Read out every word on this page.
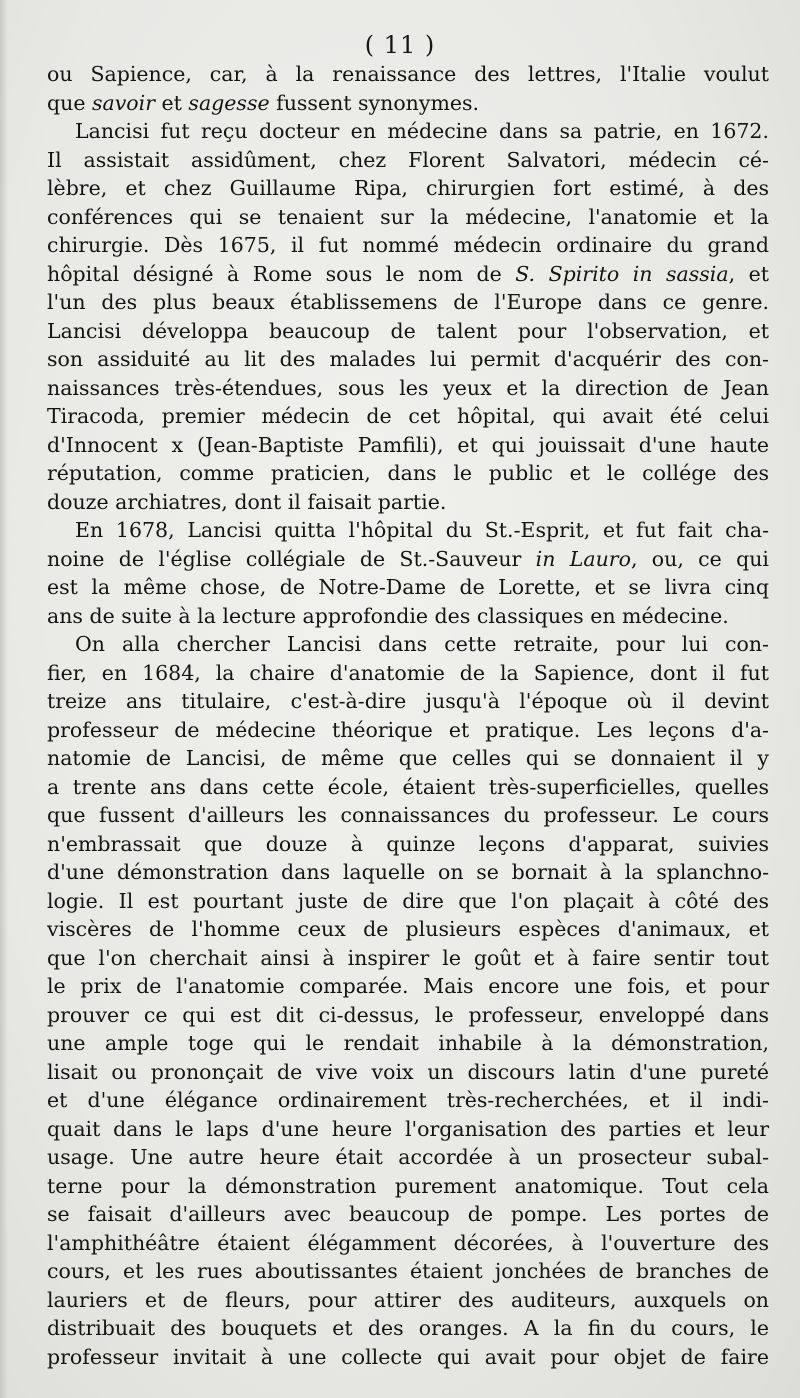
( 11 )
ou Sapience, car, à la renaissance des lettres, l'Italie voulut
que savoir et sagesse fussent synonymes.
Lancisi fut reçu docteur en médecine dans sa patrie, en 1672.
Il assistait assidûment, chez Florent Salvatori, médecin cé-
lèbre, et chez Guillaume Ripa, chirurgien fort estimé, à des
conférences qui se tenaient sur la médecine, l'anatomie et la
chirurgie. Dès 1675, il fut nommé médecin ordinaire du grand
hôpital désigné à Rome sous le nom de S. Spirito in sassia, et
l'un des plus beaux établissemens de l'Europe dans ce genre.
Lancisi développa beaucoup de talent pour l'observation, et
son assiduité au lit des malades lui permit d'acquérir des con-
naissances très-étendues, sous les yeux et la direction de Jean
Tiracoda, premier médecin de cet hôpital, qui avait été celui
d'Innocent x (Jean-Baptiste Pamfili), et qui jouissait d'une haute
réputation, comme praticien, dans le public et le collége des
douze archiatres, dont il faisait partie.
En 1678, Lancisi quitta l'hôpital du St.-Esprit, et fut fait cha-
noine de l'église collégiale de St.-Sauveur in Lauro, ou, ce qui
est la même chose, de Notre-Dame de Lorette, et se livra cinq
ans de suite à la lecture approfondie des classiques en médecine.
On alla chercher Lancisi dans cette retraite, pour lui con-
fier, en 1684, la chaire d'anatomie de la Sapience, dont il fut
treize ans titulaire, c'est-à-dire jusqu'à l'époque où il devint
professeur de médecine théorique et pratique. Les leçons d'a-
natomie de Lancisi, de même que celles qui se donnaient il y
a trente ans dans cette école, étaient très-superficielles, quelles
que fussent d'ailleurs les connaissances du professeur. Le cours
n'embrassait que douze à quinze leçons d'apparat, suivies
d'une démonstration dans laquelle on se bornait à la splanchno-
logie. Il est pourtant juste de dire que l'on plaçait à côté des
viscères de l'homme ceux de plusieurs espèces d'animaux, et
que l'on cherchait ainsi à inspirer le goût et à faire sentir tout
le prix de l'anatomie comparée. Mais encore une fois, et pour
prouver ce qui est dit ci-dessus, le professeur, enveloppé dans
une ample toge qui le rendait inhabile à la démonstration,
lisait ou prononçait de vive voix un discours latin d'une pureté
et d'une élégance ordinairement très-recherchées, et il indi-
quait dans le laps d'une heure l'organisation des parties et leur
usage. Une autre heure était accordée à un prosecteur subal-
terne pour la démonstration purement anatomique. Tout cela
se faisait d'ailleurs avec beaucoup de pompe. Les portes de
l'amphithéâtre étaient élégamment décorées, à l'ouverture des
cours, et les rues aboutissantes étaient jonchées de branches de
lauriers et de fleurs, pour attirer des auditeurs, auxquels on
distribuait des bouquets et des oranges. A la fin du cours, le
professeur invitait à une collecte qui avait pour objet de faire
